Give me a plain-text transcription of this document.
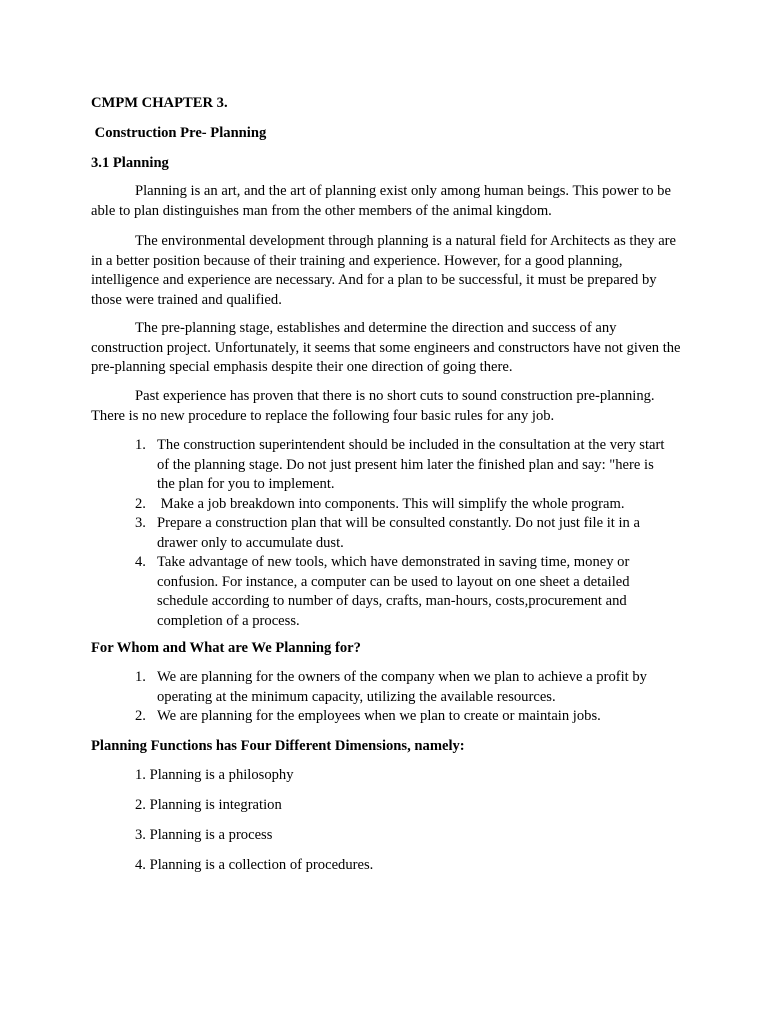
CMPM CHAPTER 3.

Construction Pre- Planning

3.1 Planning

Planning is an art, and the art of planning exist only among human beings. This power to be able to plan distinguishes man from the other members of the animal kingdom.

The environmental development through planning is a natural field for Architects as they are in a better position because of their training and experience. However, for a good planning, intelligence and experience are necessary. And for a plan to be successful, it must be prepared by those were trained and qualified.

The pre-planning stage, establishes and determine the direction and success of any construction project. Unfortunately, it seems that some engineers and constructors have not given the pre-planning special emphasis despite their one direction of going there.

Past experience has proven that there is no short cuts to sound construction pre-planning. There is no new procedure to replace the following four basic rules for any job.

1. The construction superintendent should be included in the consultation at the very start of the planning stage. Do not just present him later the finished plan and say: "here is the plan for you to implement.
2. Make a job breakdown into components. This will simplify the whole program.
3. Prepare a construction plan that will be consulted constantly. Do not just file it in a drawer only to accumulate dust.
4. Take advantage of new tools, which have demonstrated in saving time, money or confusion. For instance, a computer can be used to layout on one sheet a detailed schedule according to number of days, crafts, man-hours, costs,procurement and completion of a process.

For Whom and What are We Planning for?

1. We are planning for the owners of the company when we plan to achieve a profit by operating at the minimum capacity, utilizing the available resources.
2. We are planning for the employees when we plan to create or maintain jobs.

Planning Functions has Four Different Dimensions, namely:

1. Planning is a philosophy

2. Planning is integration

3. Planning is a process

4. Planning is a collection of procedures.
